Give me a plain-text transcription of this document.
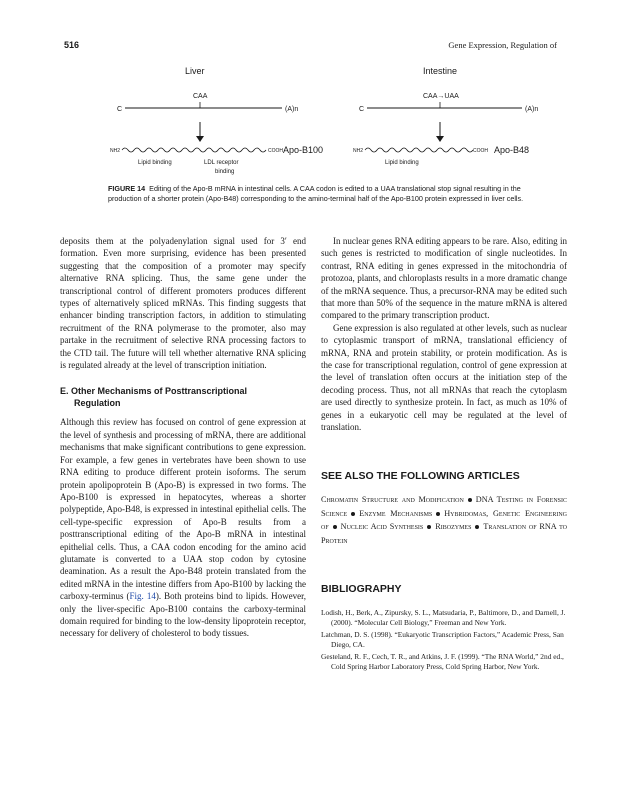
516	Gene Expression, Regulation of
Liver
CAA
C	(A)n
NH2	COOH Apo-B100
Lipid binding	LDL receptor
binding
Intestine
CAA→UAA
C	(A)n
NH2	COOH Apo-B48
Lipid binding
FIGURE 14 Editing of the Apo-B mRNA in intestinal cells. A CAA codon is edited to a UAA translational stop signal resulting in the production of a shorter protein (Apo-B48) corresponding to the amino-terminal half of the Apo-B100 protein expressed in liver cells.

deposits them at the polyadenylation signal used for 3′ end formation. Even more surprising, evidence has been presented suggesting that the composition of a promoter may specify alternative RNA splicing. Thus, the same gene under the transcriptional control of different promoters produces different types of alternatively spliced mRNAs. This finding suggests that enhancer binding transcription factors, in addition to stimulating recruitment of the RNA polymerase to the promoter, also may partake in the recruitment of selective RNA processing factors to the CTD tail. The future will tell whether alternative RNA splicing is regulated already at the level of transcription initiation.

E. Other Mechanisms of Posttranscriptional
Regulation

Although this review has focused on control of gene expression at the level of synthesis and processing of mRNA, there are additional mechanisms that make significant contributions to gene expression. For example, a few genes in vertebrates have been shown to use RNA editing to produce different protein isoforms. The serum protein apolipoprotein B (Apo-B) is expressed in two forms. The Apo-B100 is expressed in hepatocytes, whereas a shorter polypeptide, Apo-B48, is expressed in intestinal epithelial cells. The cell-type-specific expression of Apo-B results from a posttranscriptional editing of the Apo-B mRNA in intestinal epithelial cells. Thus, a CAA codon encoding for the amino acid glutamate is converted to a UAA stop codon by cytosine deamination. As a result the Apo-B48 protein translated from the edited mRNA in the intestine differs from Apo-B100 by lacking the carboxy-terminus (Fig. 14). Both proteins bind to lipids. However, only the liver-specific Apo-B100 contains the carboxy-terminal domain required for binding to the low-density lipoprotein receptor, necessary for delivery of cholesterol to body tissues.

In nuclear genes RNA editing appears to be rare. Also, editing in such genes is restricted to modification of single nucleotides. In contrast, RNA editing in genes expressed in the mitochondria of protozoa, plants, and chloroplasts results in a more dramatic change of the mRNA sequence. Thus, a precursor-RNA may be edited such that more than 50% of the sequence in the mature mRNA is altered compared to the primary transcription product.

Gene expression is also regulated at other levels, such as nuclear to cytoplasmic transport of mRNA, translational efficiency of mRNA, RNA and protein stability, or protein modification. As is the case for transcriptional regulation, control of gene expression at the level of translation often occurs at the initiation step of the decoding process. Thus, not all mRNAs that reach the cytoplasm are used directly to synthesize protein. In fact, as much as 10% of genes in a eukaryotic cell may be regulated at the level of translation.

SEE ALSO THE FOLLOWING ARTICLES
Chromatin Structure and Modification DNA Testing in Forensic Science Enzyme Mechanisms Hybridomas, Genetic Engineering of Nucleic Acid Synthesis Ribozymes Translation of RNA to Protein
BIBLIOGRAPHY
Lodish, H., Berk, A., Zipursky, S. L., Matsudaria, P., Baltimore, D., and Darnell, J. (2000). “Molecular Cell Biology,” Freeman and New York.
Latchman, D. S. (1998). “Eukaryotic Transcription Factors,” Academic Press, San Diego, CA.
Gesteland, R. F., Cech, T. R., and Atkins, J. F. (1999). “The RNA World,” 2nd ed., Cold Spring Harbor Laboratory Press, Cold Spring Harbor, New York.
